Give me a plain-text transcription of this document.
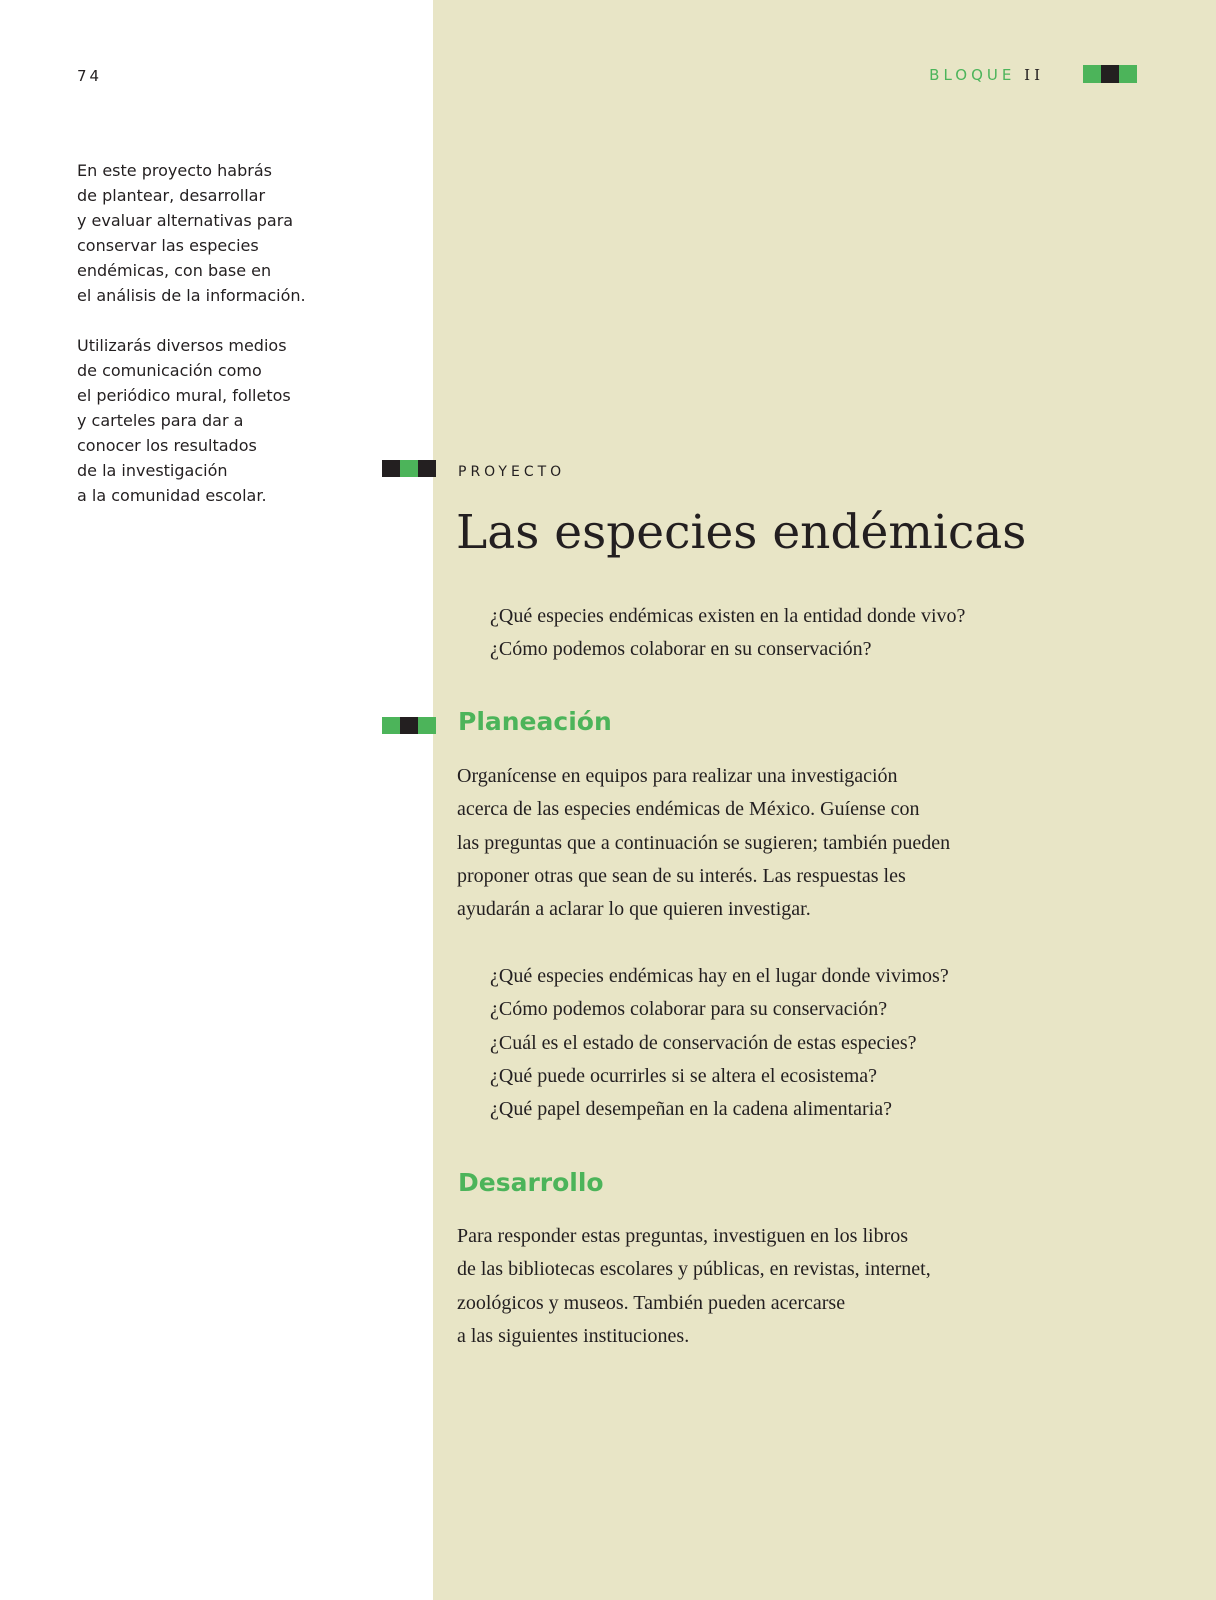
74	BLOQUE II

En este proyecto habrás
de plantear, desarrollar
y evaluar alternativas para
conservar las especies
endémicas, con base en
el análisis de la información.

Utilizarás diversos medios
de comunicación como
el periódico mural, folletos
y carteles para dar a
conocer los resultados
de la investigación
a la comunidad escolar.

PROYECTO
Las especies endémicas
¿Qué especies endémicas existen en la entidad donde vivo?
¿Cómo podemos colaborar en su conservación?
Planeación
Organícense en equipos para realizar una investigación
acerca de las especies endémicas de México. Guíense con
las preguntas que a continuación se sugieren; también pueden
proponer otras que sean de su interés. Las respuestas les
ayudarán a aclarar lo que quieren investigar.
¿Qué especies endémicas hay en el lugar donde vivimos?
¿Cómo podemos colaborar para su conservación?
¿Cuál es el estado de conservación de estas especies?
¿Qué puede ocurrirles si se altera el ecosistema?
¿Qué papel desempeñan en la cadena alimentaria?
Desarrollo
Para responder estas preguntas, investiguen en los libros
de las bibliotecas escolares y públicas, en revistas, internet,
zoológicos y museos. También pueden acercarse
a las siguientes instituciones.
